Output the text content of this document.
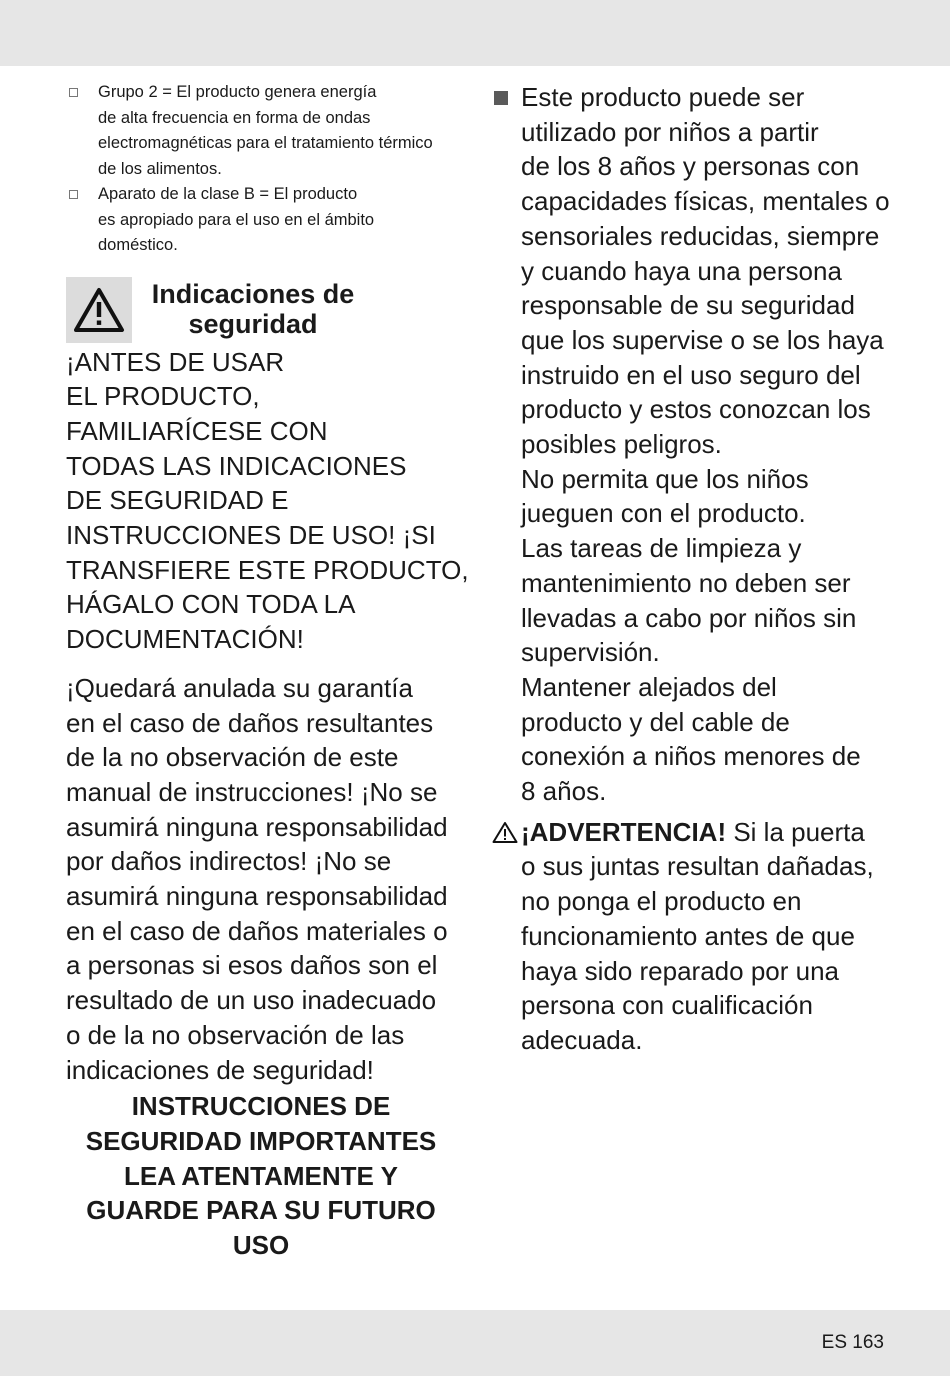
Grupo 2 = El producto genera energía
de alta frecuencia en forma de ondas
electromagnéticas para el tratamiento térmico
de los alimentos.
Aparato de la clase B = El producto
es apropiado para el uso en el ámbito
doméstico.
Indicaciones de
seguridad
¡ANTES DE USAR
EL PRODUCTO,
FAMILIARÍCESE CON
TODAS LAS INDICACIONES
DE SEGURIDAD E
INSTRUCCIONES DE USO! ¡SI
TRANSFIERE ESTE PRODUCTO,
HÁGALO CON TODA LA
DOCUMENTACIÓN!
¡Quedará anulada su garantía
en el caso de daños resultantes
de la no observación de este
manual de instrucciones! ¡No se
asumirá ninguna responsabilidad
por daños indirectos! ¡No se
asumirá ninguna responsabilidad
en el caso de daños materiales o
a personas si esos daños son el
resultado de un uso inadecuado
o de la no observación de las
indicaciones de seguridad!
INSTRUCCIONES DE
SEGURIDAD IMPORTANTES
LEA ATENTAMENTE Y
GUARDE PARA SU FUTURO
USO
Este producto puede ser
utilizado por niños a partir
de los 8 años y personas con
capacidades físicas, mentales o
sensoriales reducidas, siempre
y cuando haya una persona
responsable de su seguridad
que los supervise o se los haya
instruido en el uso seguro del
producto y estos conozcan los
posibles peligros.
No permita que los niños
jueguen con el producto.
Las tareas de limpieza y
mantenimiento no deben ser
llevadas a cabo por niños sin
supervisión.
Mantener alejados del
producto y del cable de
conexión a niños menores de
8 años.
¡ADVERTENCIA! Si la puerta
o sus juntas resultan dañadas,
no ponga el producto en
funcionamiento antes de que
haya sido reparado por una
persona con cualificación
adecuada.
ES 163
